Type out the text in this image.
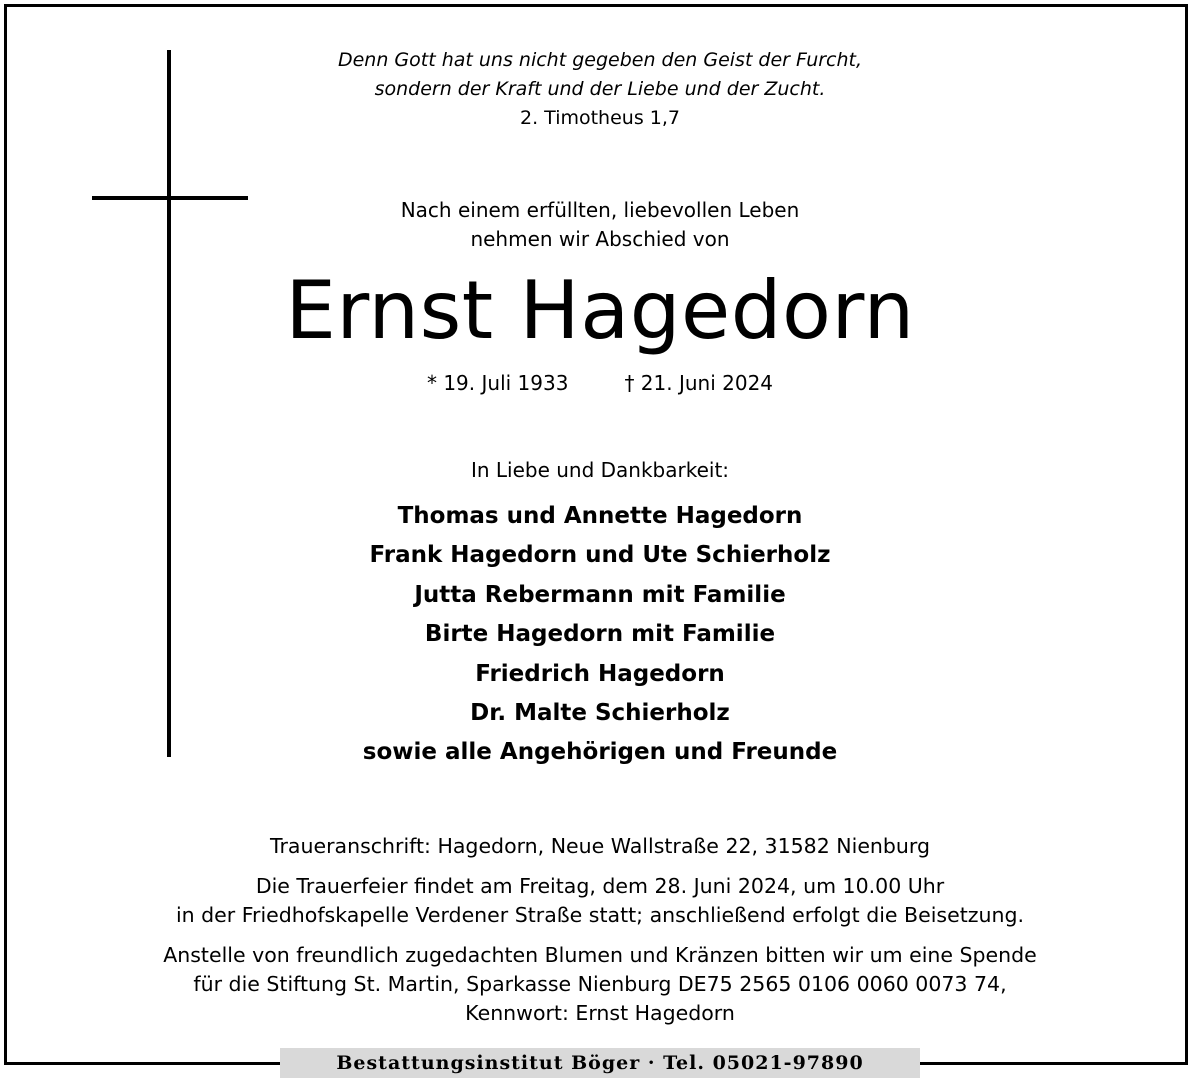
Denn Gott hat uns nicht gegeben den Geist der Furcht,
sondern der Kraft und der Liebe und der Zucht.
2. Timotheus 1,7
Nach einem erfüllten, liebevollen Leben
nehmen wir Abschied von
Ernst Hagedorn
* 19. Juli 1933	† 21. Juni 2024
In Liebe und Dankbarkeit:
Thomas und Annette Hagedorn
Frank Hagedorn und Ute Schierholz
Jutta Rebermann mit Familie
Birte Hagedorn mit Familie
Friedrich Hagedorn
Dr. Malte Schierholz
sowie alle Angehörigen und Freunde
Traueranschrift: Hagedorn, Neue Wallstraße 22, 31582 Nienburg
Die Trauerfeier findet am Freitag, dem 28. Juni 2024, um 10.00 Uhr
in der Friedhofskapelle Verdener Straße statt; anschließend erfolgt die Beisetzung.
Anstelle von freundlich zugedachten Blumen und Kränzen bitten wir um eine Spende
für die Stiftung St. Martin, Sparkasse Nienburg DE75 2565 0106 0060 0073 74,
Kennwort: Ernst Hagedorn
Bestattungsinstitut Böger · Tel. 05021-97890
